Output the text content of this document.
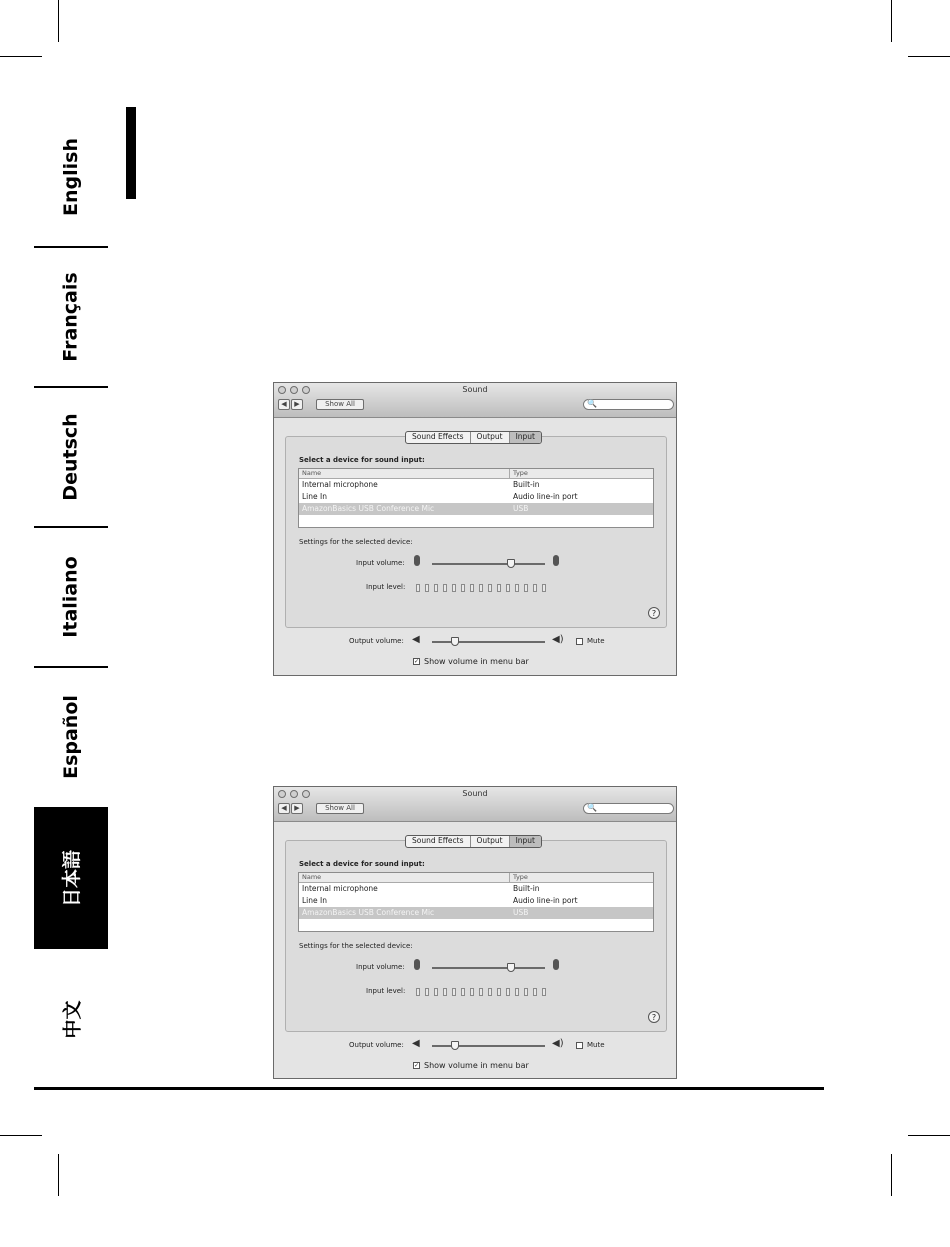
English
Français
Deutsch
Italiano
Español
日本語
中文
Sound
◀	▶	Show All	🔍
Sound Effects	Output	Input
Select a device for sound input:
Name	Type
Internal microphone	Built-in
Line In	Audio line-in port
AmazonBasics USB Conference Mic	USB
Settings for the selected device:
Input volume:
Input level:
?
Output volume: ◀	◀)	Mute
✓ Show volume in menu bar
Sound
◀	▶	Show All	🔍
Sound Effects	Output	Input
Select a device for sound input:
Name	Type
Internal microphone	Built-in
Line In	Audio line-in port
AmazonBasics USB Conference Mic	USB
Settings for the selected device:
Input volume:
Input level:
?
Output volume: ◀	◀)	Mute
✓ Show volume in menu bar
